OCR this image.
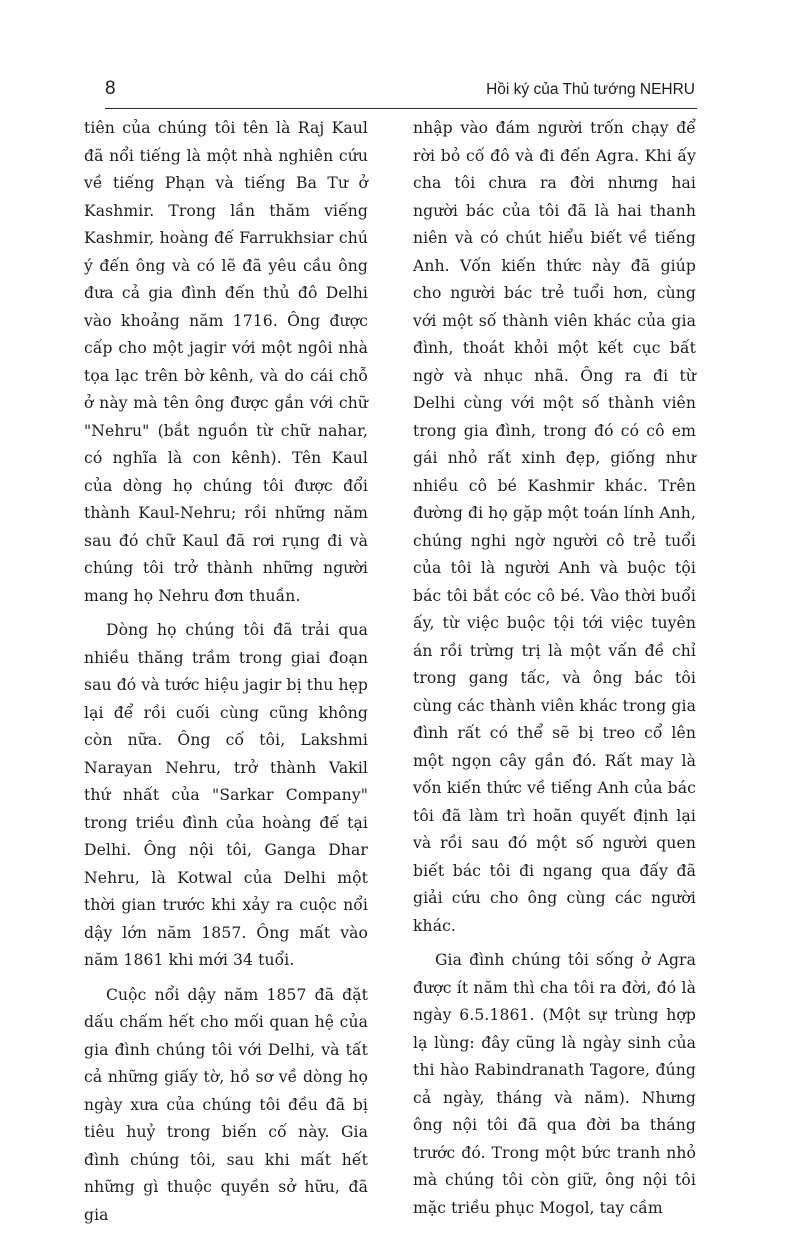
8	Hồi ký của Thủ tướng NEHRU

tiên của chúng tôi tên là Raj Kaul đã nổi tiếng là một nhà nghiên cứu về tiếng Phạn và tiếng Ba Tư ở Kashmir. Trong lần thăm viếng Kashmir, hoàng đế Farrukhsiar chú ý đến ông và có lẽ đã yêu cầu ông đưa cả gia đình đến thủ đô Delhi vào khoảng năm 1716. Ông được cấp cho một jagir với một ngôi nhà tọa lạc trên bờ kênh, và do cái chỗ ở này mà tên ông được gắn với chữ "Nehru" (bắt nguồn từ chữ nahar, có nghĩa là con kênh). Tên Kaul của dòng họ chúng tôi được đổi thành Kaul-Nehru; rồi những năm sau đó chữ Kaul đã rơi rụng đi và chúng tôi trở thành những người mang họ Nehru đơn thuần.

Dòng họ chúng tôi đã trải qua nhiều thăng trầm trong giai đoạn sau đó và tước hiệu jagir bị thu hẹp lại để rồi cuối cùng cũng không còn nữa. Ông cố tôi, Lakshmi Narayan Nehru, trở thành Vakil thứ nhất của "Sarkar Company" trong triều đình của hoàng đế tại Delhi. Ông nội tôi, Ganga Dhar Nehru, là Kotwal của Delhi một thời gian trước khi xảy ra cuộc nổi dậy lớn năm 1857. Ông mất vào năm 1861 khi mới 34 tuổi.

Cuộc nổi dậy năm 1857 đã đặt dấu chấm hết cho mối quan hệ của gia đình chúng tôi với Delhi, và tất cả những giấy tờ, hồ sơ về dòng họ ngày xưa của chúng tôi đều đã bị tiêu huỷ trong biến cố này. Gia đình chúng tôi, sau khi mất hết những gì thuộc quyền sở hữu, đã gia

nhập vào đám người trốn chạy để rời bỏ cố đô và đi đến Agra. Khi ấy cha tôi chưa ra đời nhưng hai người bác của tôi đã là hai thanh niên và có chút hiểu biết về tiếng Anh. Vốn kiến thức này đã giúp cho người bác trẻ tuổi hơn, cùng với một số thành viên khác của gia đình, thoát khỏi một kết cục bất ngờ và nhục nhã. Ông ra đi từ Delhi cùng với một số thành viên trong gia đình, trong đó có cô em gái nhỏ rất xinh đẹp, giống như nhiều cô bé Kashmir khác. Trên đường đi họ gặp một toán lính Anh, chúng nghi ngờ người cô trẻ tuổi của tôi là người Anh và buộc tội bác tôi bắt cóc cô bé. Vào thời buổi ấy, từ việc buộc tội tới việc tuyên án rồi trừng trị là một vấn đề chỉ trong gang tấc, và ông bác tôi cùng các thành viên khác trong gia đình rất có thể sẽ bị treo cổ lên một ngọn cây gần đó. Rất may là vốn kiến thức về tiếng Anh của bác tôi đã làm trì hoãn quyết định lại và rồi sau đó một số người quen biết bác tôi đi ngang qua đấy đã giải cứu cho ông cùng các người khác.

Gia đình chúng tôi sống ở Agra được ít năm thì cha tôi ra đời, đó là ngày 6.5.1861. (Một sự trùng hợp lạ lùng: đây cũng là ngày sinh của thi hào Rabindranath Tagore, đúng cả ngày, tháng và năm). Nhưng ông nội tôi đã qua đời ba tháng trước đó. Trong một bức tranh nhỏ mà chúng tôi còn giữ, ông nội tôi mặc triều phục Mogol, tay cầm
